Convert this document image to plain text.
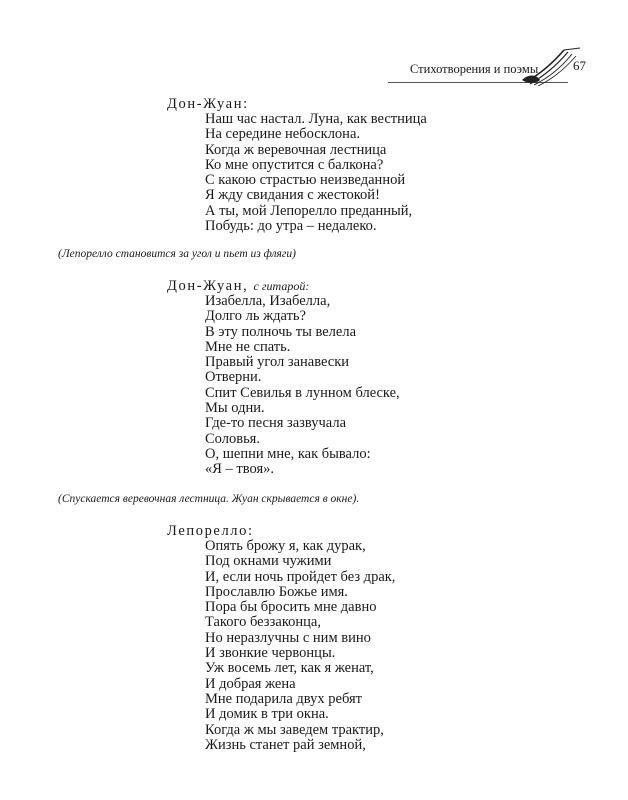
Стихотворения и поэмы	67
Дон-Жуан:
Наш час настал. Луна, как вестница
На середине небосклона.
Когда ж веревочная лестница
Ко мне опустится с балкона?
С какою страстью неизведанной
Я жду свидания с жестокой!
А ты, мой Лепорелло преданный,
Побудь: до утра – недалеко.
(Лепорелло становится за угол и пьет из фляги)
Дон-Жуан, с гитарой:
Изабелла, Изабелла,
Долго ль ждать?
В эту полночь ты велела
Мне не спать.
Правый угол занавески
Отверни.
Спит Севилья в лунном блеске,
Мы одни.
Где-то песня зазвучала
Соловья.
О, шепни мне, как бывало:
«Я – твоя».
(Спускается веревочная лестница. Жуан скрывается в окне).
Лепорелло:
Опять брожу я, как дурак,
Под окнами чужими
И, если ночь пройдет без драк,
Прославлю Божье имя.
Пора бы бросить мне давно
Такого беззаконца,
Но неразлучны с ним вино
И звонкие червонцы.
Уж восемь лет, как я женат,
И добрая жена
Мне подарила двух ребят
И домик в три окна.
Когда ж мы заведем трактир,
Жизнь станет рай земной,
